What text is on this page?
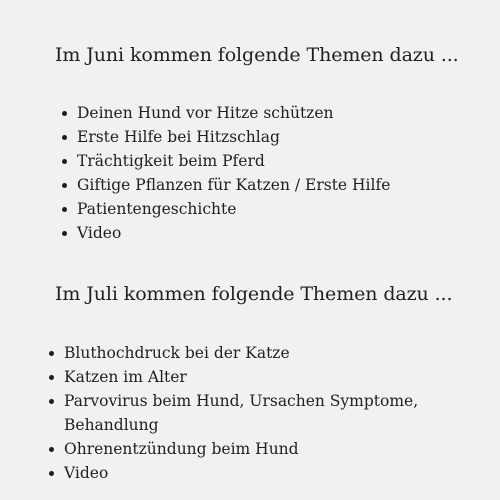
Im Juni kommen folgende Themen dazu ...
Deinen Hund vor Hitze schützen
Erste Hilfe bei Hitzschlag
Trächtigkeit beim Pferd
Giftige Pflanzen für Katzen / Erste Hilfe
Patientengeschichte
Video
Im Juli kommen folgende Themen dazu ...
Bluthochdruck bei der Katze
Katzen im Alter
Parvovirus beim Hund, Ursachen Symptome, Behandlung
Ohrenentzündung beim Hund
Video
